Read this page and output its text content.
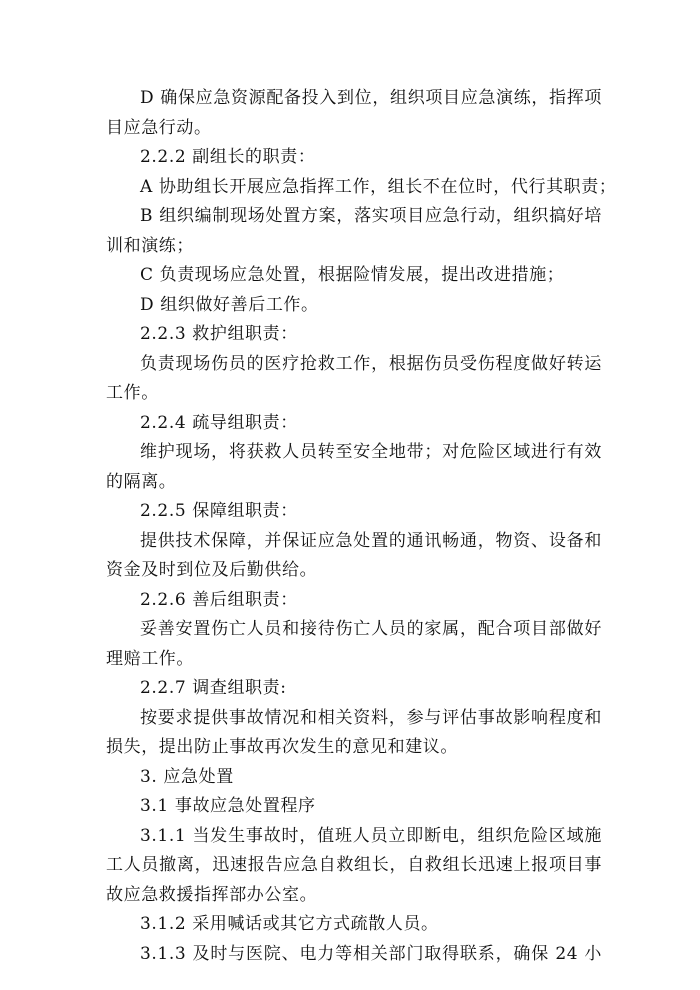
D 确保应急资源配备投入到位，组织项目应急演练，指挥项

目应急行动。

2.2.2 副组长的职责：

A 协助组长开展应急指挥工作，组长不在位时，代行其职责；

B 组织编制现场处置方案，落实项目应急行动，组织搞好培

训和演练；

C 负责现场应急处置，根据险情发展，提出改进措施；

D 组织做好善后工作。

2.2.3 救护组职责：

负责现场伤员的医疗抢救工作，根据伤员受伤程度做好转运

工作。

2.2.4 疏导组职责：

维护现场，将获救人员转至安全地带；对危险区域进行有效

的隔离。

2.2.5 保障组职责：

提供技术保障，并保证应急处置的通讯畅通，物资、设备和

资金及时到位及后勤供给。

2.2.6 善后组职责：

妥善安置伤亡人员和接待伤亡人员的家属，配合项目部做好

理赔工作。

2.2.7 调查组职责:

按要求提供事故情况和相关资料，参与评估事故影响程度和

损失，提出防止事故再次发生的意见和建议。

3. 应急处置

3.1 事故应急处置程序

3.1.1 当发生事故时，值班人员立即断电，组织危险区域施

工人员撤离，迅速报告应急自救组长，自救组长迅速上报项目事

故应急救援指挥部办公室。

3.1.2 采用喊话或其它方式疏散人员。

3.1.3 及时与医院、电力等相关部门取得联系，确保 24 小
